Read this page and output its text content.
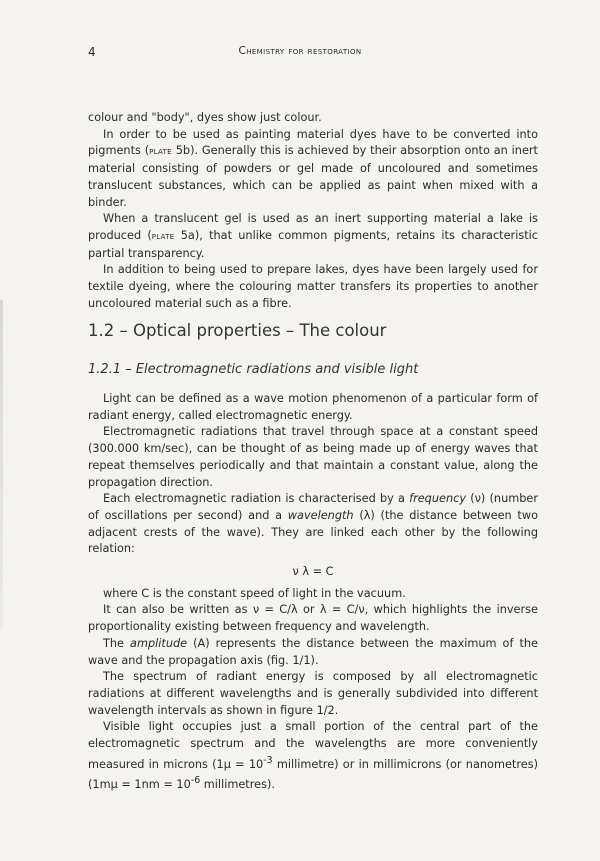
4	Chemistry for restoration

colour and "body", dyes show just colour.

In order to be used as painting material dyes have to be converted into pigments (plate 5b). Generally this is achieved by their absorption onto an inert material consisting of powders or gel made of uncoloured and sometimes translucent substances, which can be applied as paint when mixed with a binder.

When a translucent gel is used as an inert supporting material a lake is produced (plate 5a), that unlike common pigments, retains its characteristic partial transparency.

In addition to being used to prepare lakes, dyes have been largely used for textile dyeing, where the colouring matter transfers its properties to another uncoloured material such as a fibre.

1.2 – Optical properties – The colour
1.2.1 – Electromagnetic radiations and visible light

Light can be defined as a wave motion phenomenon of a particular form of radiant energy, called electromagnetic energy.

Electromagnetic radiations that travel through space at a constant speed (300.000 km/sec), can be thought of as being made up of energy waves that repeat themselves periodically and that maintain a constant value, along the propagation direction.

Each electromagnetic radiation is characterised by a frequency (ν) (number of oscillations per second) and a wavelength (λ) (the distance between two adjacent crests of the wave). They are linked each other by the following relation:

ν λ = C

where C is the constant speed of light in the vacuum.

It can also be written as ν = C/λ or λ = C/ν, which highlights the inverse proportionality existing between frequency and wavelength.

The amplitude (A) represents the distance between the maximum of the wave and the propagation axis (fig. 1/1).

The spectrum of radiant energy is composed by all electromagnetic radiations at different wavelengths and is generally subdivided into different wavelength intervals as shown in figure 1/2.

Visible light occupies just a small portion of the central part of the electromagnetic spectrum and the wavelengths are more conveniently measured in microns ($1\mu = 10^{-3}$ millimetre) or in millimicrons (or nanometres) ($1m\mu = 1nm = 10^{-6}$ millimetres).
